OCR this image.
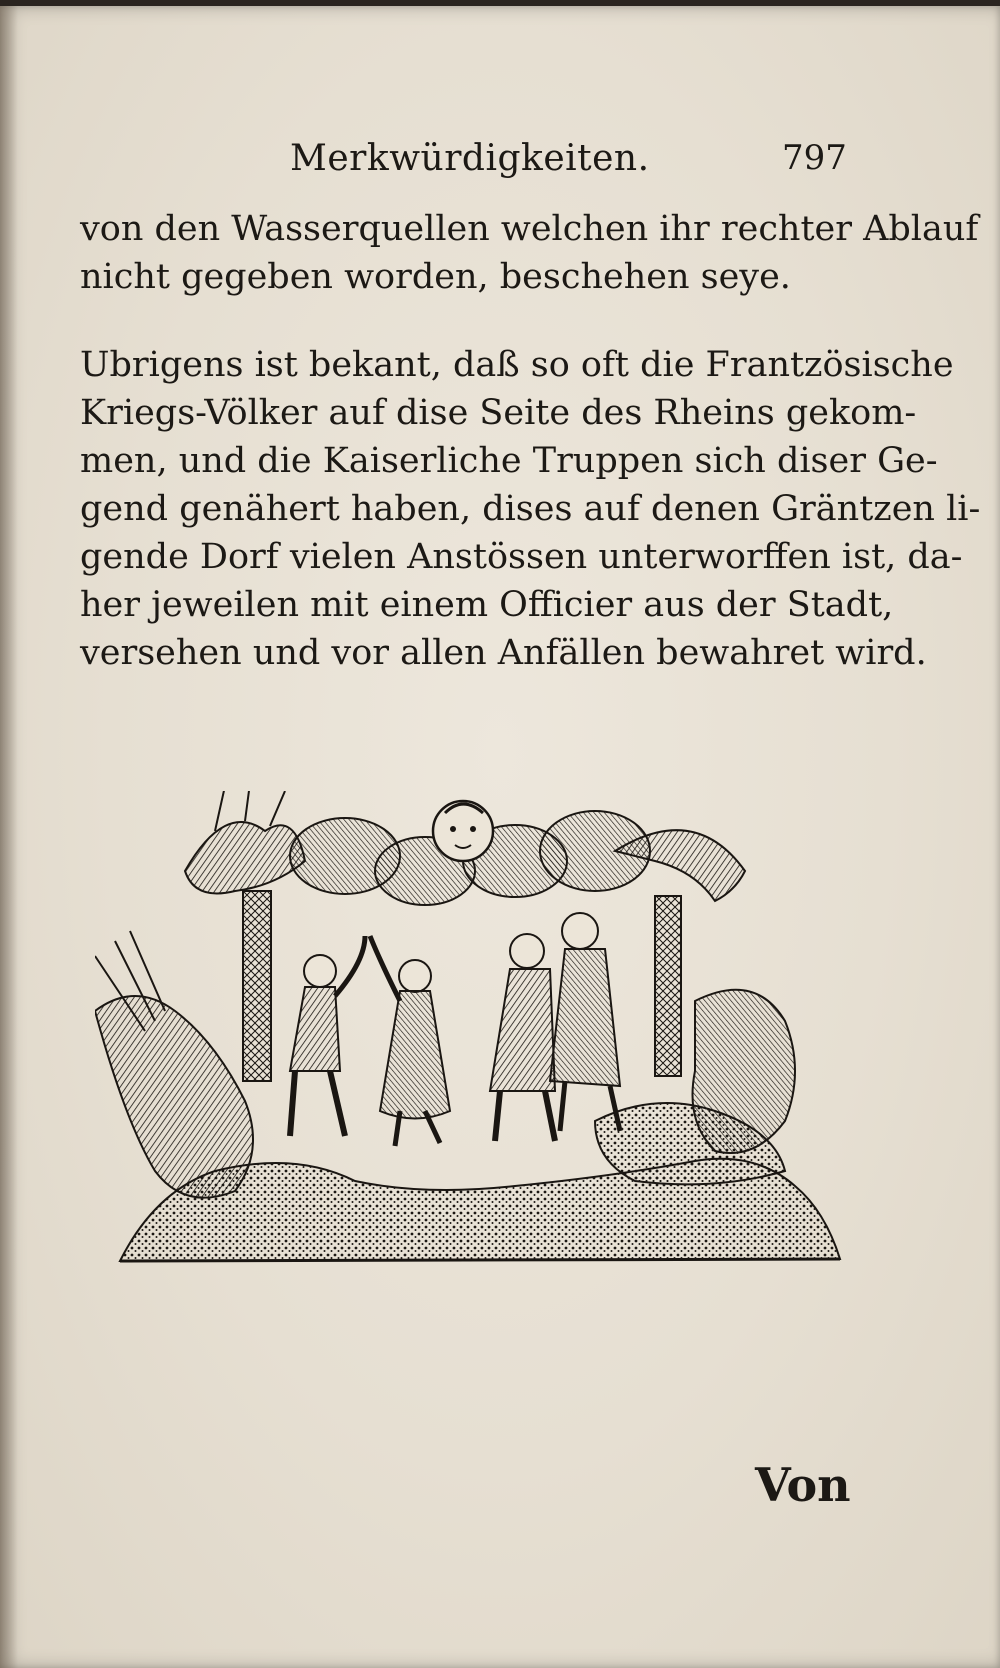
Merkwürdigkeiten.	797
von den Wasserquellen welchen ihr rechter Ablauf
nicht gegeben worden, beschehen seye.
Ubrigens ist bekant, daß so oft die Frantzösische
Kriegs-Völker auf dise Seite des Rheins gekom-
men, und die Kaiserliche Truppen sich diser Ge-
gend genähert haben, dises auf denen Gräntzen li-
gende Dorf vielen Anstössen unterworffen ist, da-
her jeweilen mit einem Officier aus der Stadt,
versehen und vor allen Anfällen bewahret wird.
Von
